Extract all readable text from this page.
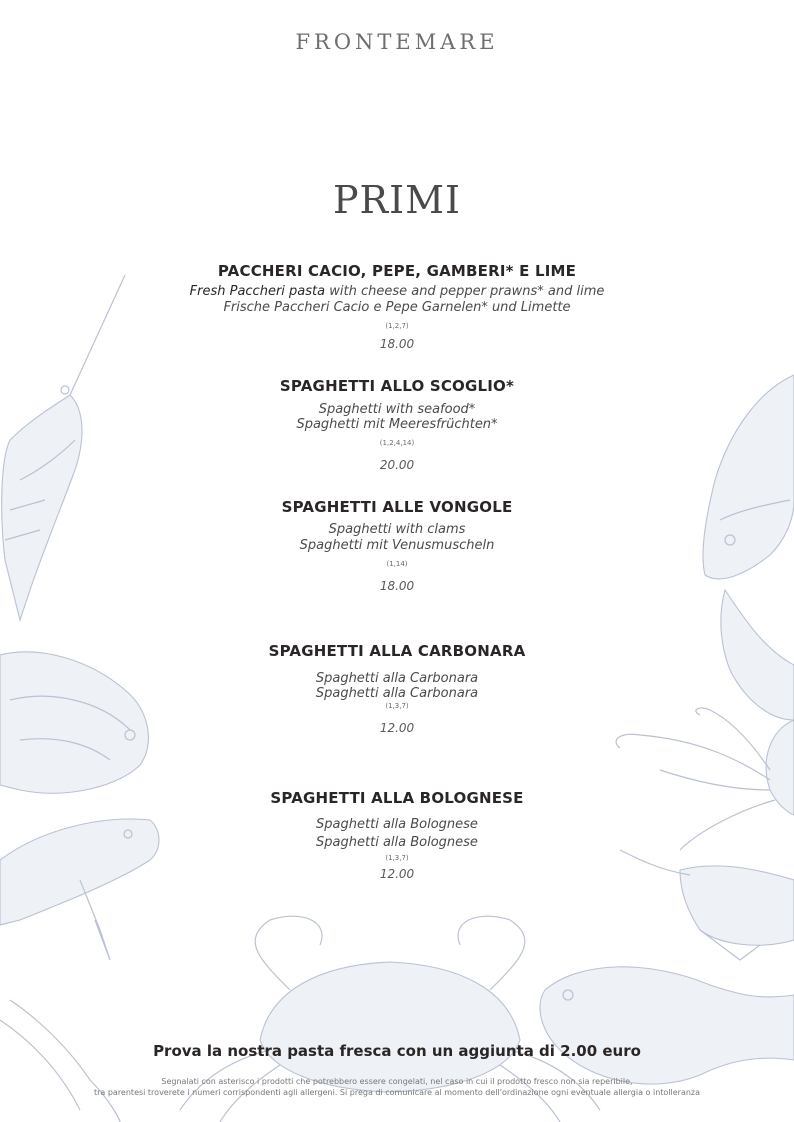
FRONTEMARE
PRIMI
PACCHERI CACIO, PEPE, GAMBERI* E LIME
Fresh Paccheri pasta with cheese and pepper prawns* and lime
Frische Paccheri Cacio e Pepe Garnelen* und Limette
(1,2,7)
18.00
SPAGHETTI ALLO SCOGLIO*
Spaghetti with seafood*
Spaghetti mit Meeresfrüchten*
(1,2,4,14)
20.00
SPAGHETTI ALLE VONGOLE
Spaghetti with clams
Spaghetti mit Venusmuscheln
(1,14)
18.00
SPAGHETTI ALLA CARBONARA
Spaghetti alla Carbonara
Spaghetti alla Carbonara
(1,3,7)
12.00
SPAGHETTI ALLA BOLOGNESE
Spaghetti alla Bolognese
Spaghetti alla Bolognese
(1,3,7)
12.00
Prova la nostra pasta fresca con un aggiunta di 2.00 euro
Segnalati con asterisco i prodotti che potrebbero essere congelati, nel caso in cui il prodotto fresco non sia reperibile,
tra parentesi troverete i numeri corrispondenti agli allergeni. Si prega di comunicare al momento dell'ordinazione ogni eventuale allergia o intolleranza
